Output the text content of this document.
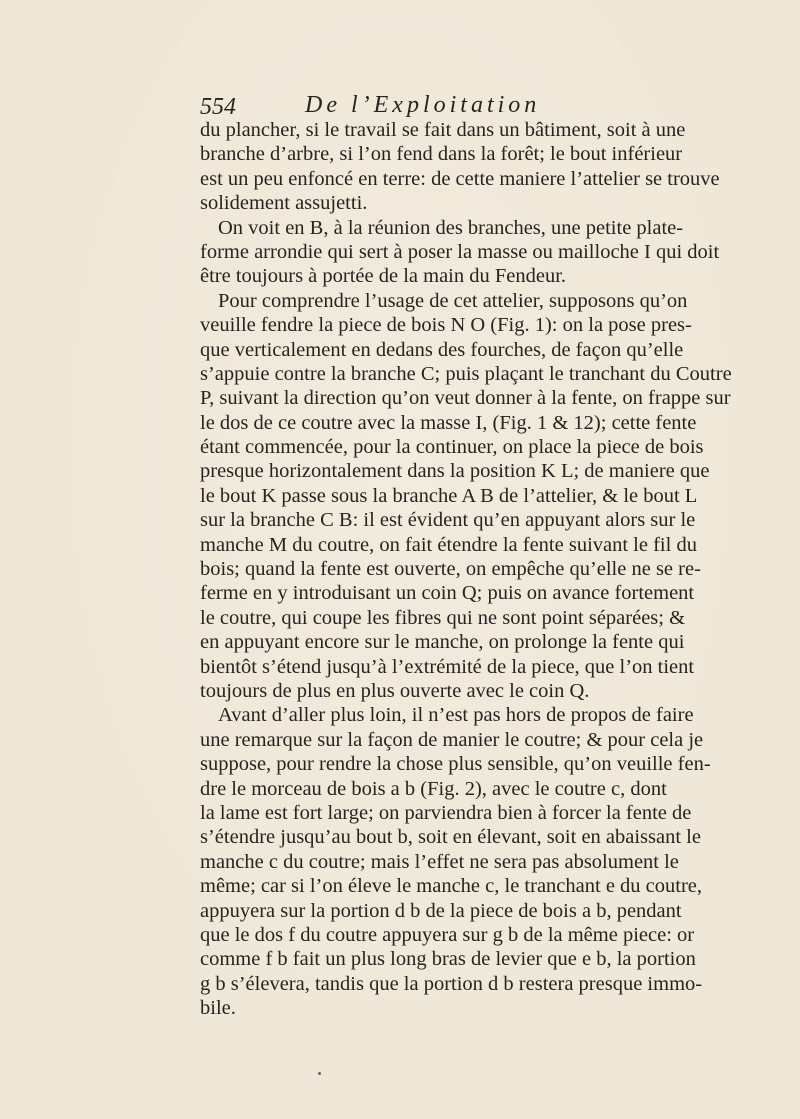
554	De l’Exploitation
du plancher, si le travail se fait dans un bâtiment, soit à une
branche d’arbre, si l’on fend dans la forêt; le bout inférieur
est un peu enfoncé en terre: de cette maniere l’attelier se trouve
solidement assujetti.
On voit en B, à la réunion des branches, une petite plate-
forme arrondie qui sert à poser la masse ou mailloche I qui doit
être toujours à portée de la main du Fendeur.
Pour comprendre l’usage de cet attelier, supposons qu’on
veuille fendre la piece de bois N O (Fig. 1): on la pose pres-
que verticalement en dedans des fourches, de façon qu’elle
s’appuie contre la branche C; puis plaçant le tranchant du Coutre
P, suivant la direction qu’on veut donner à la fente, on frappe sur
le dos de ce coutre avec la masse I, (Fig. 1 & 12); cette fente
étant commencée, pour la continuer, on place la piece de bois
presque horizontalement dans la position K L; de maniere que
le bout K passe sous la branche A B de l’attelier, & le bout L
sur la branche C B: il est évident qu’en appuyant alors sur le
manche M du coutre, on fait étendre la fente suivant le fil du
bois; quand la fente est ouverte, on empêche qu’elle ne se re-
ferme en y introduisant un coin Q; puis on avance fortement
le coutre, qui coupe les fibres qui ne sont point séparées; &
en appuyant encore sur le manche, on prolonge la fente qui
bientôt s’étend jusqu’à l’extrémité de la piece, que l’on tient
toujours de plus en plus ouverte avec le coin Q.
Avant d’aller plus loin, il n’est pas hors de propos de faire
une remarque sur la façon de manier le coutre; & pour cela je
suppose, pour rendre la chose plus sensible, qu’on veuille fen-
dre le morceau de bois a b (Fig. 2), avec le coutre c, dont
la lame est fort large; on parviendra bien à forcer la fente de
s’étendre jusqu’au bout b, soit en élevant, soit en abaissant le
manche c du coutre; mais l’effet ne sera pas absolument le
même; car si l’on éleve le manche c, le tranchant e du coutre,
appuyera sur la portion d b de la piece de bois a b, pendant
que le dos f du coutre appuyera sur g b de la même piece: or
comme f b fait un plus long bras de levier que e b, la portion
g b s’élevera, tandis que la portion d b restera presque immo-
bile.
